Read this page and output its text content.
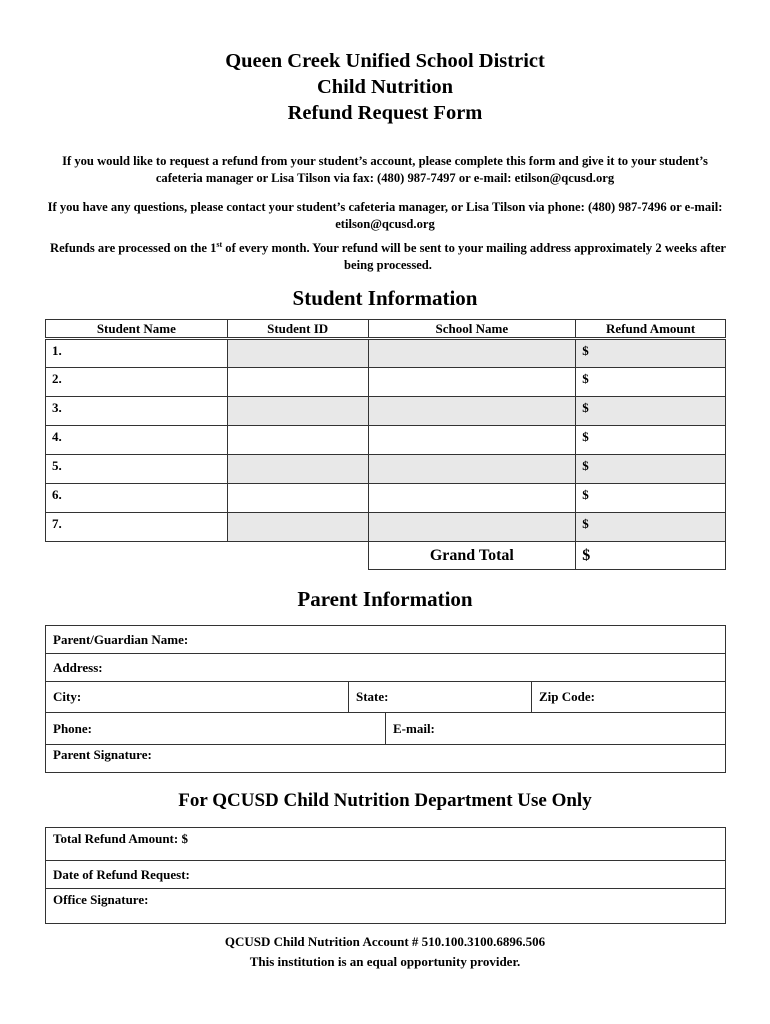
Queen Creek Unified School District
Child Nutrition
Refund Request Form
If you would like to request a refund from your student’s account, please complete this form and give it to your student’s cafeteria manager or Lisa Tilson via fax: (480) 987-7497 or e-mail: etilson@qcusd.org
If you have any questions, please contact your student’s cafeteria manager, or Lisa Tilson via phone: (480) 987-7496 or e-mail: etilson@qcusd.org
Refunds are processed on the 1st of every month. Your refund will be sent to your mailing address approximately 2 weeks after being processed.
Student Information
Student Name	Student ID	School Name	Refund Amount
1.			$
2.			$
3.			$
4.			$
5.			$
6.			$
7.			$
		Grand Total	$
Parent Information
Parent/Guardian Name:
Address:
City:	State:	Zip Code:
Phone:	E-mail:
Parent Signature:
For QCUSD Child Nutrition Department Use Only
Total Refund Amount: $
Date of Refund Request:
Office Signature:
QCUSD Child Nutrition Account # 510.100.3100.6896.506
This institution is an equal opportunity provider.
